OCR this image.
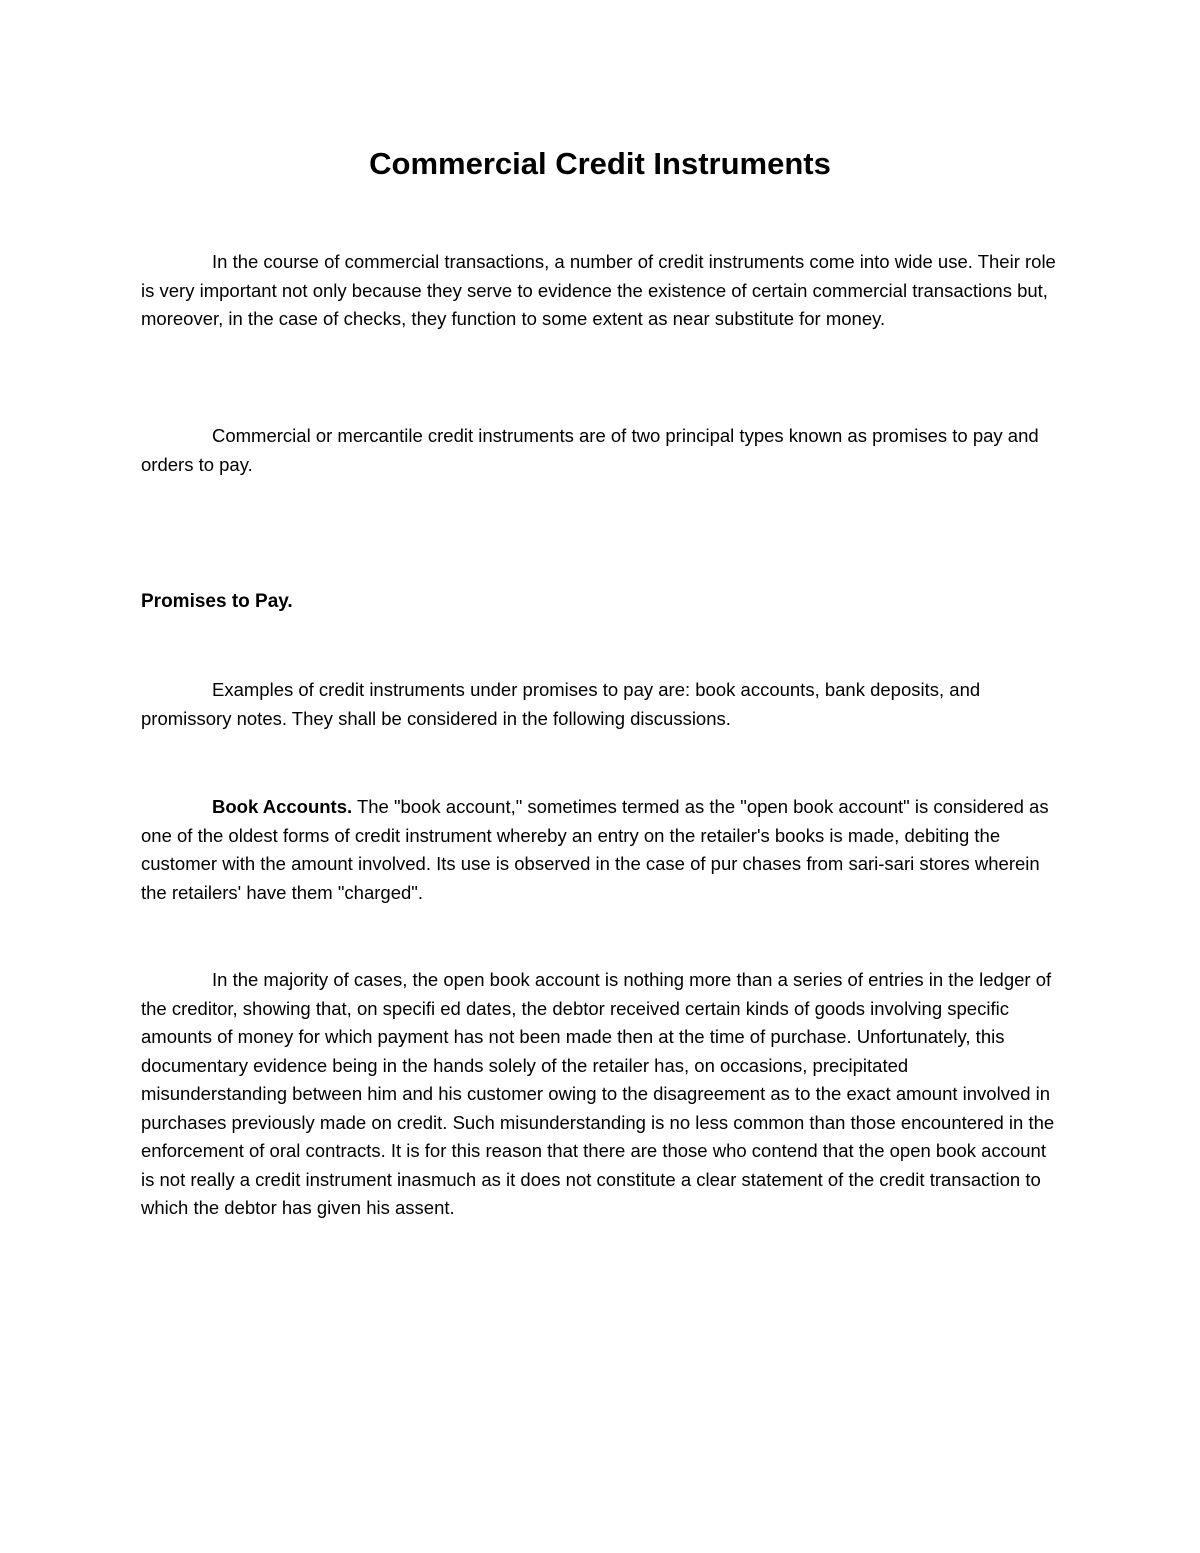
Commercial Credit Instruments

In the course of commercial transactions, a number of credit instruments come into wide use. Their role is very important not only because they serve to evidence the existence of certain commercial transactions but, moreover, in the case of checks, they function to some extent as near substitute for money.

Commercial or mercantile credit instruments are of two principal types known as promises to pay and orders to pay.

Promises to Pay.

Examples of credit instruments under promises to pay are: book accounts, bank deposits, and promissory notes. They shall be considered in the following discussions.

Book Accounts. The "book account," sometimes termed as the "open book account" is considered as one of the oldest forms of credit instrument whereby an entry on the retailer's books is made, debiting the customer with the amount involved. Its use is observed in the case of pur chases from sari-sari stores wherein the retailers' have them "charged".

In the majority of cases, the open book account is nothing more than a series of entries in the ledger of the creditor, showing that, on specifi ed dates, the debtor received certain kinds of goods involving specific amounts of money for which payment has not been made then at the time of purchase. Unfortunately, this documentary evidence being in the hands solely of the retailer has, on occasions, precipitated misunderstanding between him and his customer owing to the disagreement as to the exact amount involved in purchases previously made on credit. Such misunderstanding is no less common than those encountered in the enforcement of oral contracts. It is for this reason that there are those who contend that the open book account is not really a credit instrument inasmuch as it does not constitute a clear statement of the credit transaction to which the debtor has given his assent.
